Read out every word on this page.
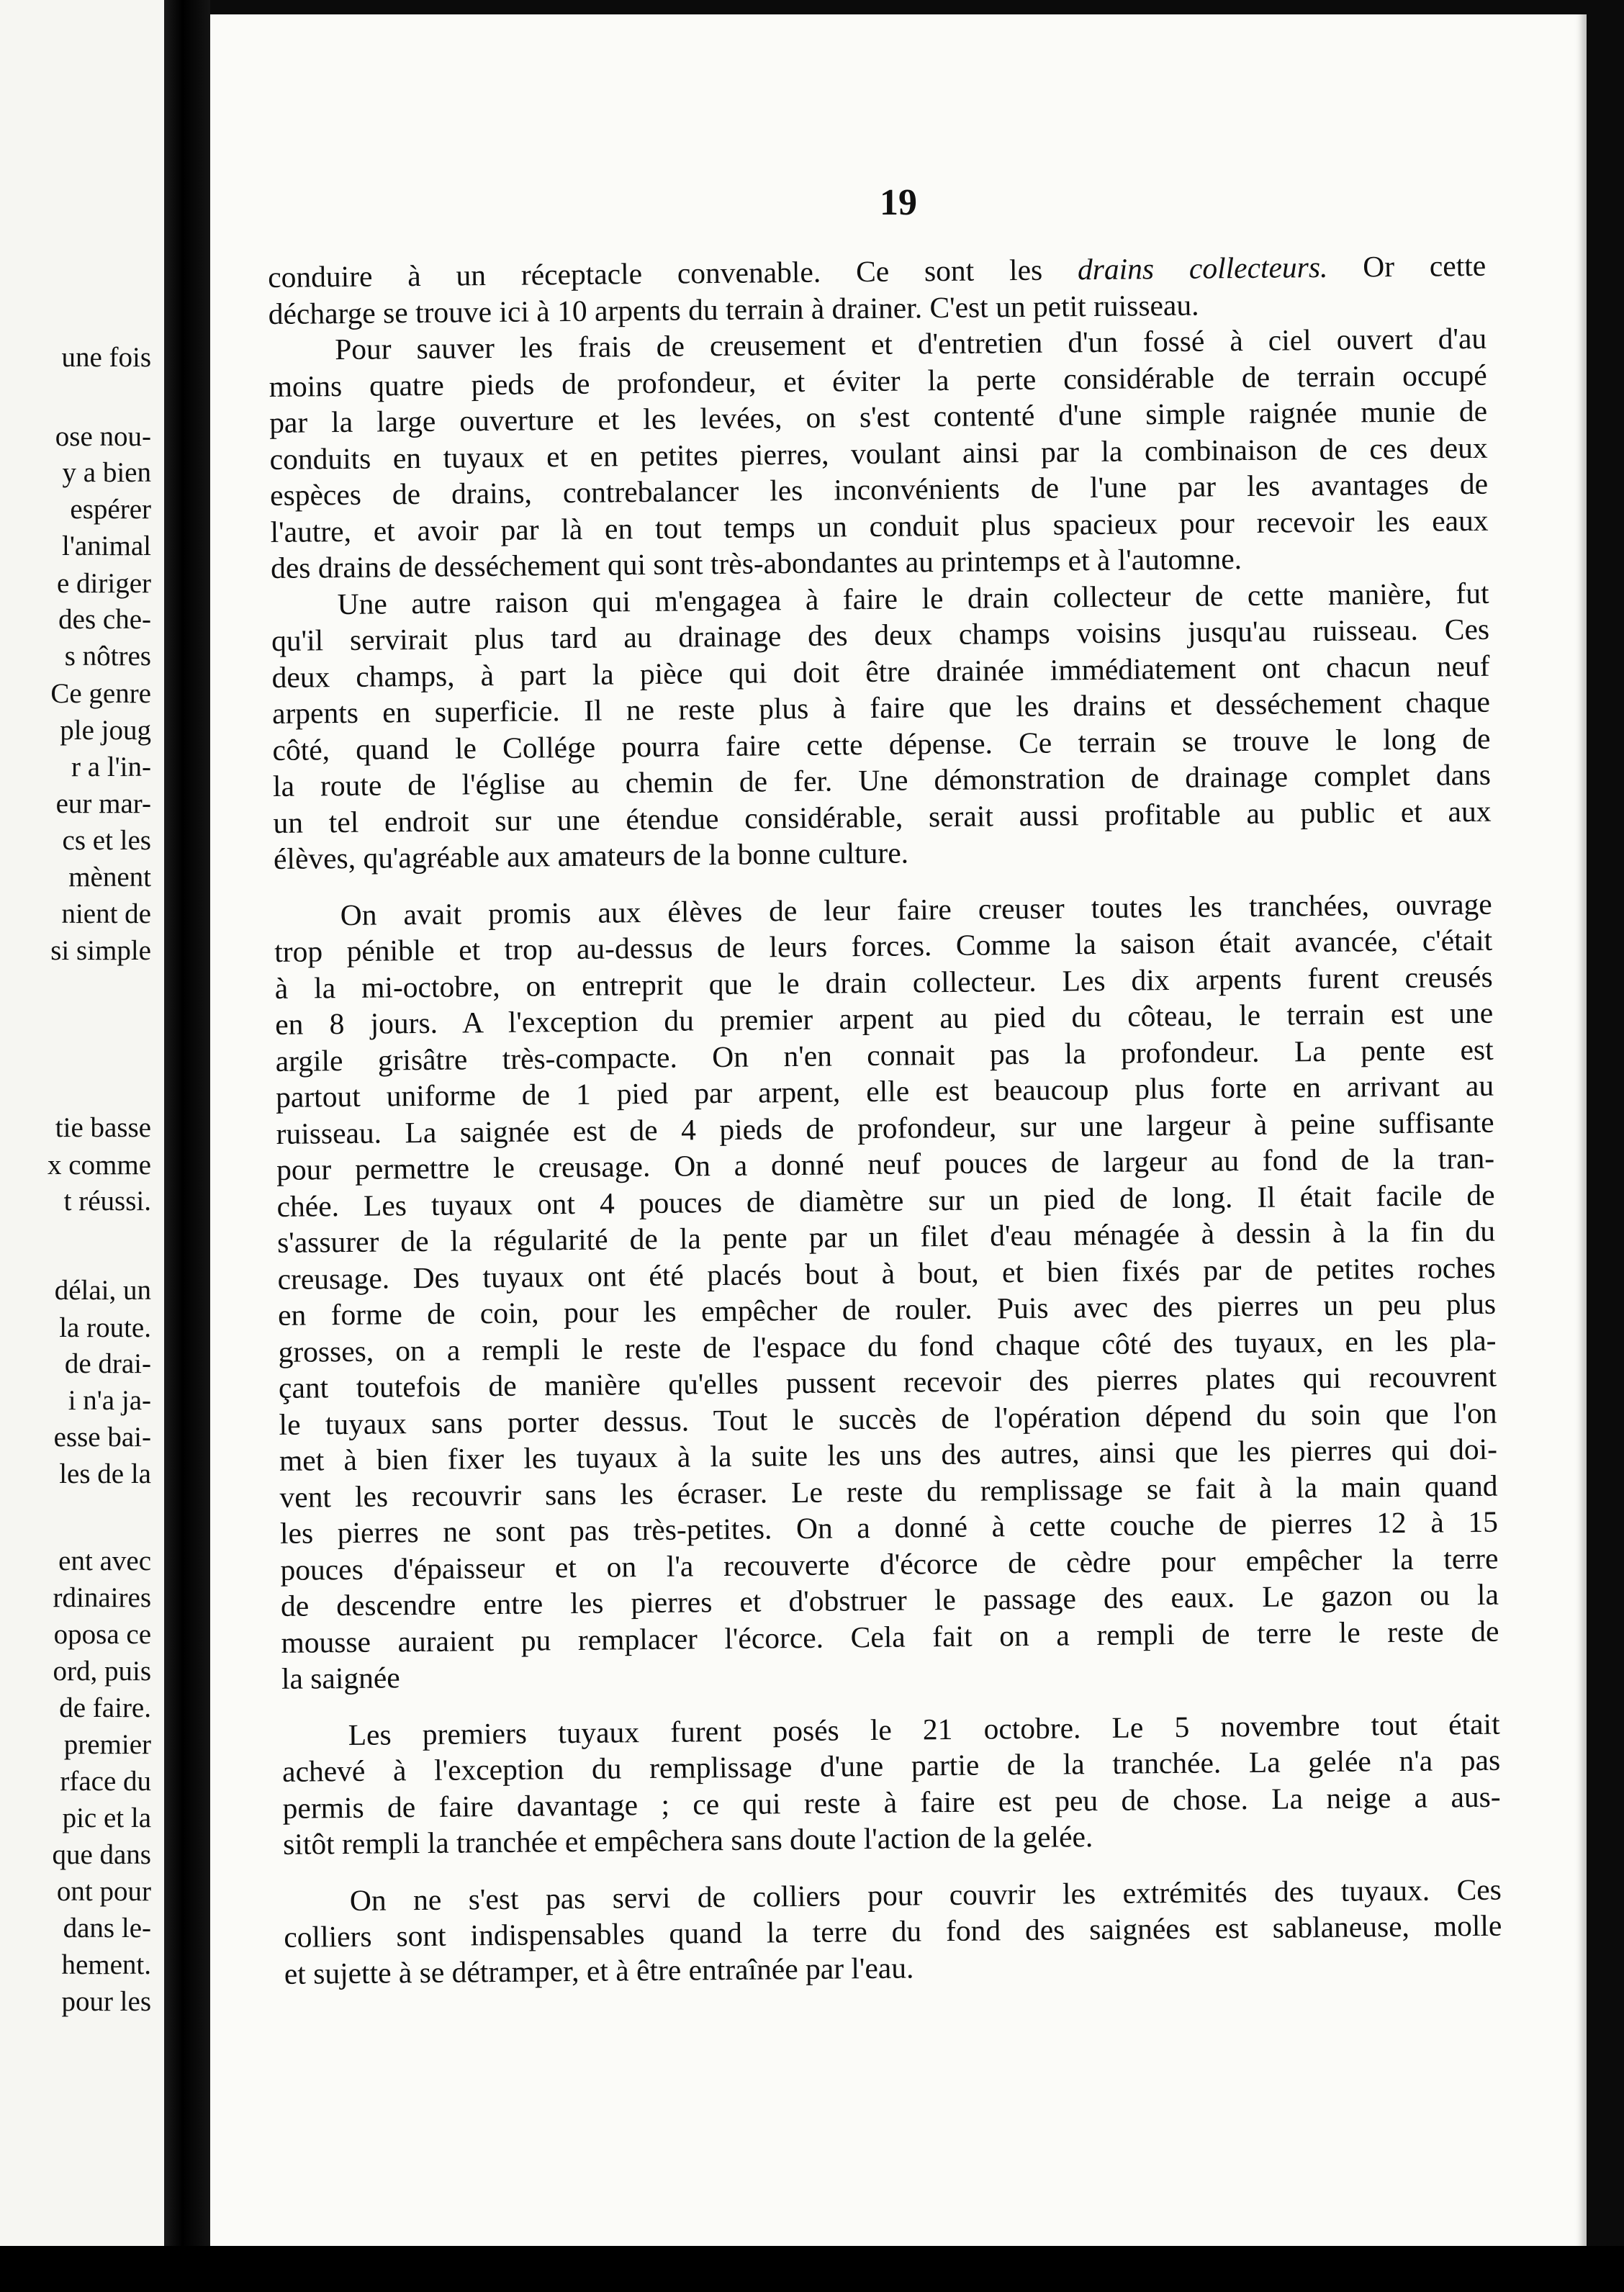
une fois
ose nou-
y a bien
espérer
l'animal
e diriger
des che-
s nôtres
Ce genre
ple joug
r a l'in-
eur mar-
cs et les
mènent
nient de
si simple
tie basse
x comme
t réussi.
délai, un
la route.
de drai-
i n'a ja-
esse bai-
les de la
ent avec
rdinaires
oposa ce
ord, puis
de faire.
premier
rface du
pic et la
que dans
ont pour
dans le-
hement.
pour les
19
conduire à un réceptacle convenable. Ce sont les drains collecteurs. Or cette
décharge se trouve ici à 10 arpents du terrain à drainer. C'est un petit ruisseau.
Pour sauver les frais de creusement et d'entretien d'un fossé à ciel ouvert d'au
moins quatre pieds de profondeur, et éviter la perte considérable de terrain occupé
par la large ouverture et les levées, on s'est contenté d'une simple raignée munie de
conduits en tuyaux et en petites pierres, voulant ainsi par la combinaison de ces deux
espèces de drains, contrebalancer les inconvénients de l'une par les avantages de
l'autre, et avoir par là en tout temps un conduit plus spacieux pour recevoir les eaux
des drains de desséchement qui sont très-abondantes au printemps et à l'automne.
Une autre raison qui m'engagea à faire le drain collecteur de cette manière, fut
qu'il servirait plus tard au drainage des deux champs voisins jusqu'au ruisseau. Ces
deux champs, à part la pièce qui doit être drainée immédiatement ont chacun neuf
arpents en superficie. Il ne reste plus à faire que les drains et desséchement chaque
côté, quand le Collége pourra faire cette dépense. Ce terrain se trouve le long de
la route de l'église au chemin de fer. Une démonstration de drainage complet dans
un tel endroit sur une étendue considérable, serait aussi profitable au public et aux
élèves, qu'agréable aux amateurs de la bonne culture.
On avait promis aux élèves de leur faire creuser toutes les tranchées, ouvrage
trop pénible et trop au-dessus de leurs forces. Comme la saison était avancée, c'était
à la mi-octobre, on entreprit que le drain collecteur. Les dix arpents furent creusés
en 8 jours. A l'exception du premier arpent au pied du côteau, le terrain est une
argile grisâtre très-compacte. On n'en connait pas la profondeur. La pente est
partout uniforme de 1 pied par arpent, elle est beaucoup plus forte en arrivant au
ruisseau. La saignée est de 4 pieds de profondeur, sur une largeur à peine suffisante
pour permettre le creusage. On a donné neuf pouces de largeur au fond de la tran-
chée. Les tuyaux ont 4 pouces de diamètre sur un pied de long. Il était facile de
s'assurer de la régularité de la pente par un filet d'eau ménagée à dessin à la fin du
creusage. Des tuyaux ont été placés bout à bout, et bien fixés par de petites roches
en forme de coin, pour les empêcher de rouler. Puis avec des pierres un peu plus
grosses, on a rempli le reste de l'espace du fond chaque côté des tuyaux, en les pla-
çant toutefois de manière qu'elles pussent recevoir des pierres plates qui recouvrent
le tuyaux sans porter dessus. Tout le succès de l'opération dépend du soin que l'on
met à bien fixer les tuyaux à la suite les uns des autres, ainsi que les pierres qui doi-
vent les recouvrir sans les écraser. Le reste du remplissage se fait à la main quand
les pierres ne sont pas très-petites. On a donné à cette couche de pierres 12 à 15
pouces d'épaisseur et on l'a recouverte d'écorce de cèdre pour empêcher la terre
de descendre entre les pierres et d'obstruer le passage des eaux. Le gazon ou la
mousse auraient pu remplacer l'écorce. Cela fait on a rempli de terre le reste de
la saignée
Les premiers tuyaux furent posés le 21 octobre. Le 5 novembre tout était
achevé à l'exception du remplissage d'une partie de la tranchée. La gelée n'a pas
permis de faire davantage ; ce qui reste à faire est peu de chose. La neige a aus-
sitôt rempli la tranchée et empêchera sans doute l'action de la gelée.
On ne s'est pas servi de colliers pour couvrir les extrémités des tuyaux. Ces
colliers sont indispensables quand la terre du fond des saignées est sablaneuse, molle
et sujette à se détramper, et à être entraînée par l'eau.
